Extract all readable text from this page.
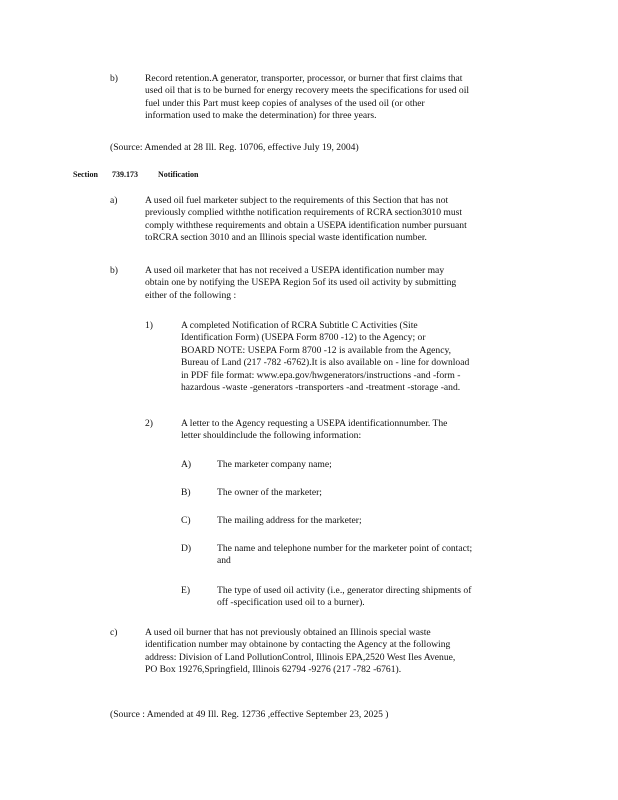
b)	Record retention.A generator, transporter, processor, or burner that first claims that
used oil that is to be burned for energy recovery meets the specifications for used oil
fuel under this Part must keep copies of analyses of the used oil (or other
information used to make the determination) for three years.
(Source: Amended at 28 Ill. Reg. 10706, effective July 19, 2004)
Section 739.173	Notification
a)	A used oil fuel marketer subject to the requirements of this Section that has not
previously complied withthe notification requirements of RCRA section3010 must
comply withthese requirements and obtain a USEPA identification number pursuant
toRCRA section 3010 and an Illinois special waste identification number.
b)	A used oil marketer that has not received a USEPA identification number may
obtain one by notifying the USEPA Region 5of its used oil activity by submitting
either of the following :
1)	A completed Notification of RCRA Subtitle C Activities (Site
Identification Form) (USEPA Form 8700 -12) to the Agency; or
BOARD NOTE: USEPA Form 8700 -12 is available from the Agency,
Bureau of Land (217 -782 -6762).It is also available on - line for download
in PDF file format: www.epa.gov/hwgenerators/instructions -and -form -
hazardous -waste -generators -transporters -and -treatment -storage -and.
2)	A letter to the Agency requesting a USEPA identificationnumber. The
letter shouldinclude the following information:
A)	The marketer company name;
B)	The owner of the marketer;
C)	The mailing address for the marketer;
D)	The name and telephone number for the marketer point of contact;
and
E)	The type of used oil activity (i.e., generator directing shipments of
off -specification used oil to a burner).
c)	A used oil burner that has not previously obtained an Illinois special waste
identification number may obtainone by contacting the Agency at the following
address: Division of Land PollutionControl, Illinois EPA,2520 West Iles Avenue,
PO Box 19276,Springfield, Illinois 62794 -9276 (217 -782 -6761).
(Source : Amended at 49 Ill. Reg. 12736 ,effective September 23, 2025 )
